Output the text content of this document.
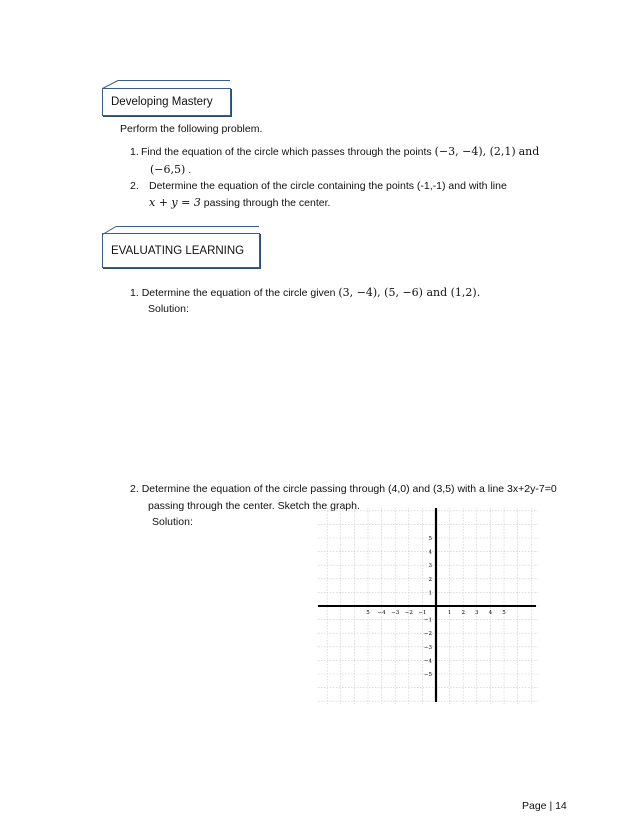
Developing Mastery
Perform the following problem.
1. Find the equation of the circle which passes through the points (−3, −4), (2,1) and
(−6,5) .
2. Determine the equation of the circle containing the points (-1,-1) and with line
x + y = 3 passing through the center.
EVALUATING LEARNING
1. Determine the equation of the circle given (3, −4), (5, −6) and (1,2).
Solution:
2. Determine the equation of the circle passing through (4,0) and (3,5) with a line 3x+2y-7=0
passing through the center. Sketch the graph.
Solution:
5 −4 −3 −2 −1	1 2 3 4 5
5
4
3
2
1
−1
−2
−3
−4
−5
Page | 14
